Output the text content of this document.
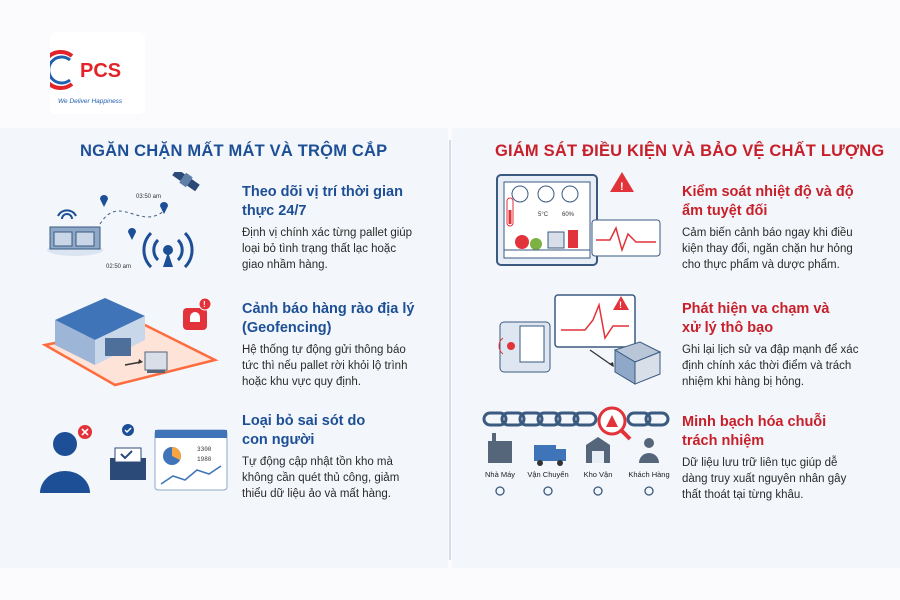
PCS
We Deliver Happiness
NGĂN CHẶN MẤT MÁT VÀ TRỘM CẮP	GIÁM SÁT ĐIỀU KIỆN VÀ BẢO VỆ CHẤT LƯỢNG
03:50 am
02:50 am
Theo dõi vị trí thời gian
thực 24/7
Định vị chính xác từng pallet giúp
loại bỏ tình trạng thất lạc hoặc
giao nhầm hàng.
!	Cảnh báo hàng rào địa lý
(Geofencing)
Hệ thống tự động gửi thông báo
tức thì nếu pallet rời khỏi lộ trình
hoặc khu vực quy định.
3300
1980
Loại bỏ sai sót do
con người
Tự động cập nhật tồn kho mà
không cần quét thủ công, giảm
thiểu dữ liệu ảo và mất hàng.
5°C 60%
!	Kiểm soát nhiệt độ và độ
ẩm tuyệt đối
Cảm biến cảnh báo ngay khi điều
kiện thay đổi, ngăn chặn hư hỏng
cho thực phẩm và dược phẩm.
!	Phát hiện va chạm và
xử lý thô bạo
Ghi lại lịch sử va đập mạnh để xác
định chính xác thời điểm và trách
nhiệm khi hàng bị hỏng.
Nhà Máy Vận Chuyển Kho Vận Khách Hàng
Minh bạch hóa chuỗi
trách nhiệm
Dữ liệu lưu trữ liên tục giúp dễ
dàng truy xuất nguyên nhân gây
thất thoát tại từng khâu.
